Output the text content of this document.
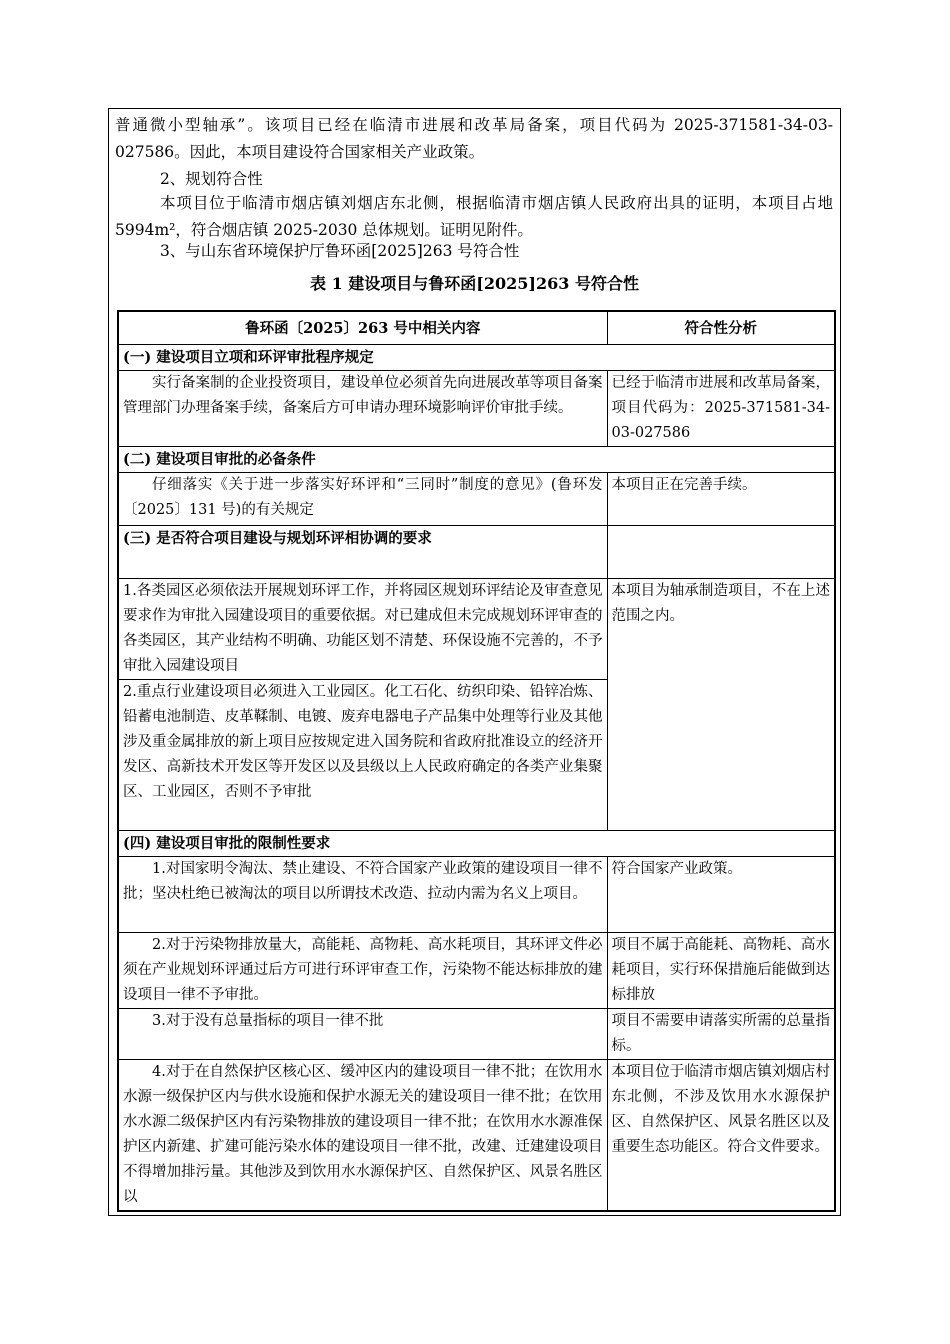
普通微小型轴承”。该项目已经在临清市进展和改革局备案，项目代码为 2025-371581-34-03-027586。因此，本项目建设符合国家相关产业政策。
2、规划符合性
本项目位于临清市烟店镇刘烟店东北侧，根据临清市烟店镇人民政府出具的证明，本项目占地 5994m²，符合烟店镇 2025-2030 总体规划。证明见附件。
3、与山东省环境保护厅鲁环函[2025]263 号符合性
表 1 建设项目与鲁环函[2025]263 号符合性
鲁环函〔2025〕263 号中相关内容	符合性分析
(一) 建设项目立项和环评审批程序规定	
实行备案制的企业投资项目，建设单位必须首先向进展改革等项目备案管理部门办理备案手续，备案后方可申请办理环境影响评价审批手续。	已经于临清市进展和改革局备案，项目代码为：2025-371581-34-03-027586
(二) 建设项目审批的必备条件	
仔细落实《关于进一步落实好环评和“三同时”制度的意见》(鲁环发〔2025〕131 号)的有关规定	本项目正在完善手续。
(三) 是否符合项目建设与规划环评相协调的要求	
1.各类园区必须依法开展规划环评工作，并将园区规划环评结论及审查意见要求作为审批入园建设项目的重要依据。对已建成但未完成规划环评审查的各类园区，其产业结构不明确、功能区划不清楚、环保设施不完善的，不予审批入园建设项目	本项目为轴承制造项目，不在上述范围之内。
2.重点行业建设项目必须进入工业园区。化工石化、纺织印染、铅锌冶炼、铅蓄电池制造、皮革鞣制、电镀、废弃电器电子产品集中处理等行业及其他涉及重金属排放的新上项目应按规定进入国务院和省政府批准设立的经济开发区、高新技术开发区等开发区以及县级以上人民政府确定的各类产业集聚区、工业园区，否则不予审批	
(四) 建设项目审批的限制性要求	
1.对国家明令淘汰、禁止建设、不符合国家产业政策的建设项目一律不批；坚决杜绝已被淘汰的项目以所谓技术改造、拉动内需为名义上项目。	符合国家产业政策。
2.对于污染物排放量大，高能耗、高物耗、高水耗项目，其环评文件必须在产业规划环评通过后方可进行环评审查工作，污染物不能达标排放的建设项目一律不予审批。	项目不属于高能耗、高物耗、高水耗项目，实行环保措施后能做到达标排放
3.对于没有总量指标的项目一律不批	项目不需要申请落实所需的总量指标。
4.对于在自然保护区核心区、缓冲区内的建设项目一律不批；在饮用水水源一级保护区内与供水设施和保护水源无关的建设项目一律不批；在饮用水水源二级保护区内有污染物排放的建设项目一律不批；在饮用水水源准保护区内新建、扩建可能污染水体的建设项目一律不批，改建、迁建建设项目不得增加排污量。其他涉及到饮用水水源保护区、自然保护区、风景名胜区以	本项目位于临清市烟店镇刘烟店村东北侧，不涉及饮用水水源保护区、自然保护区、风景名胜区以及重要生态功能区。符合文件要求。
